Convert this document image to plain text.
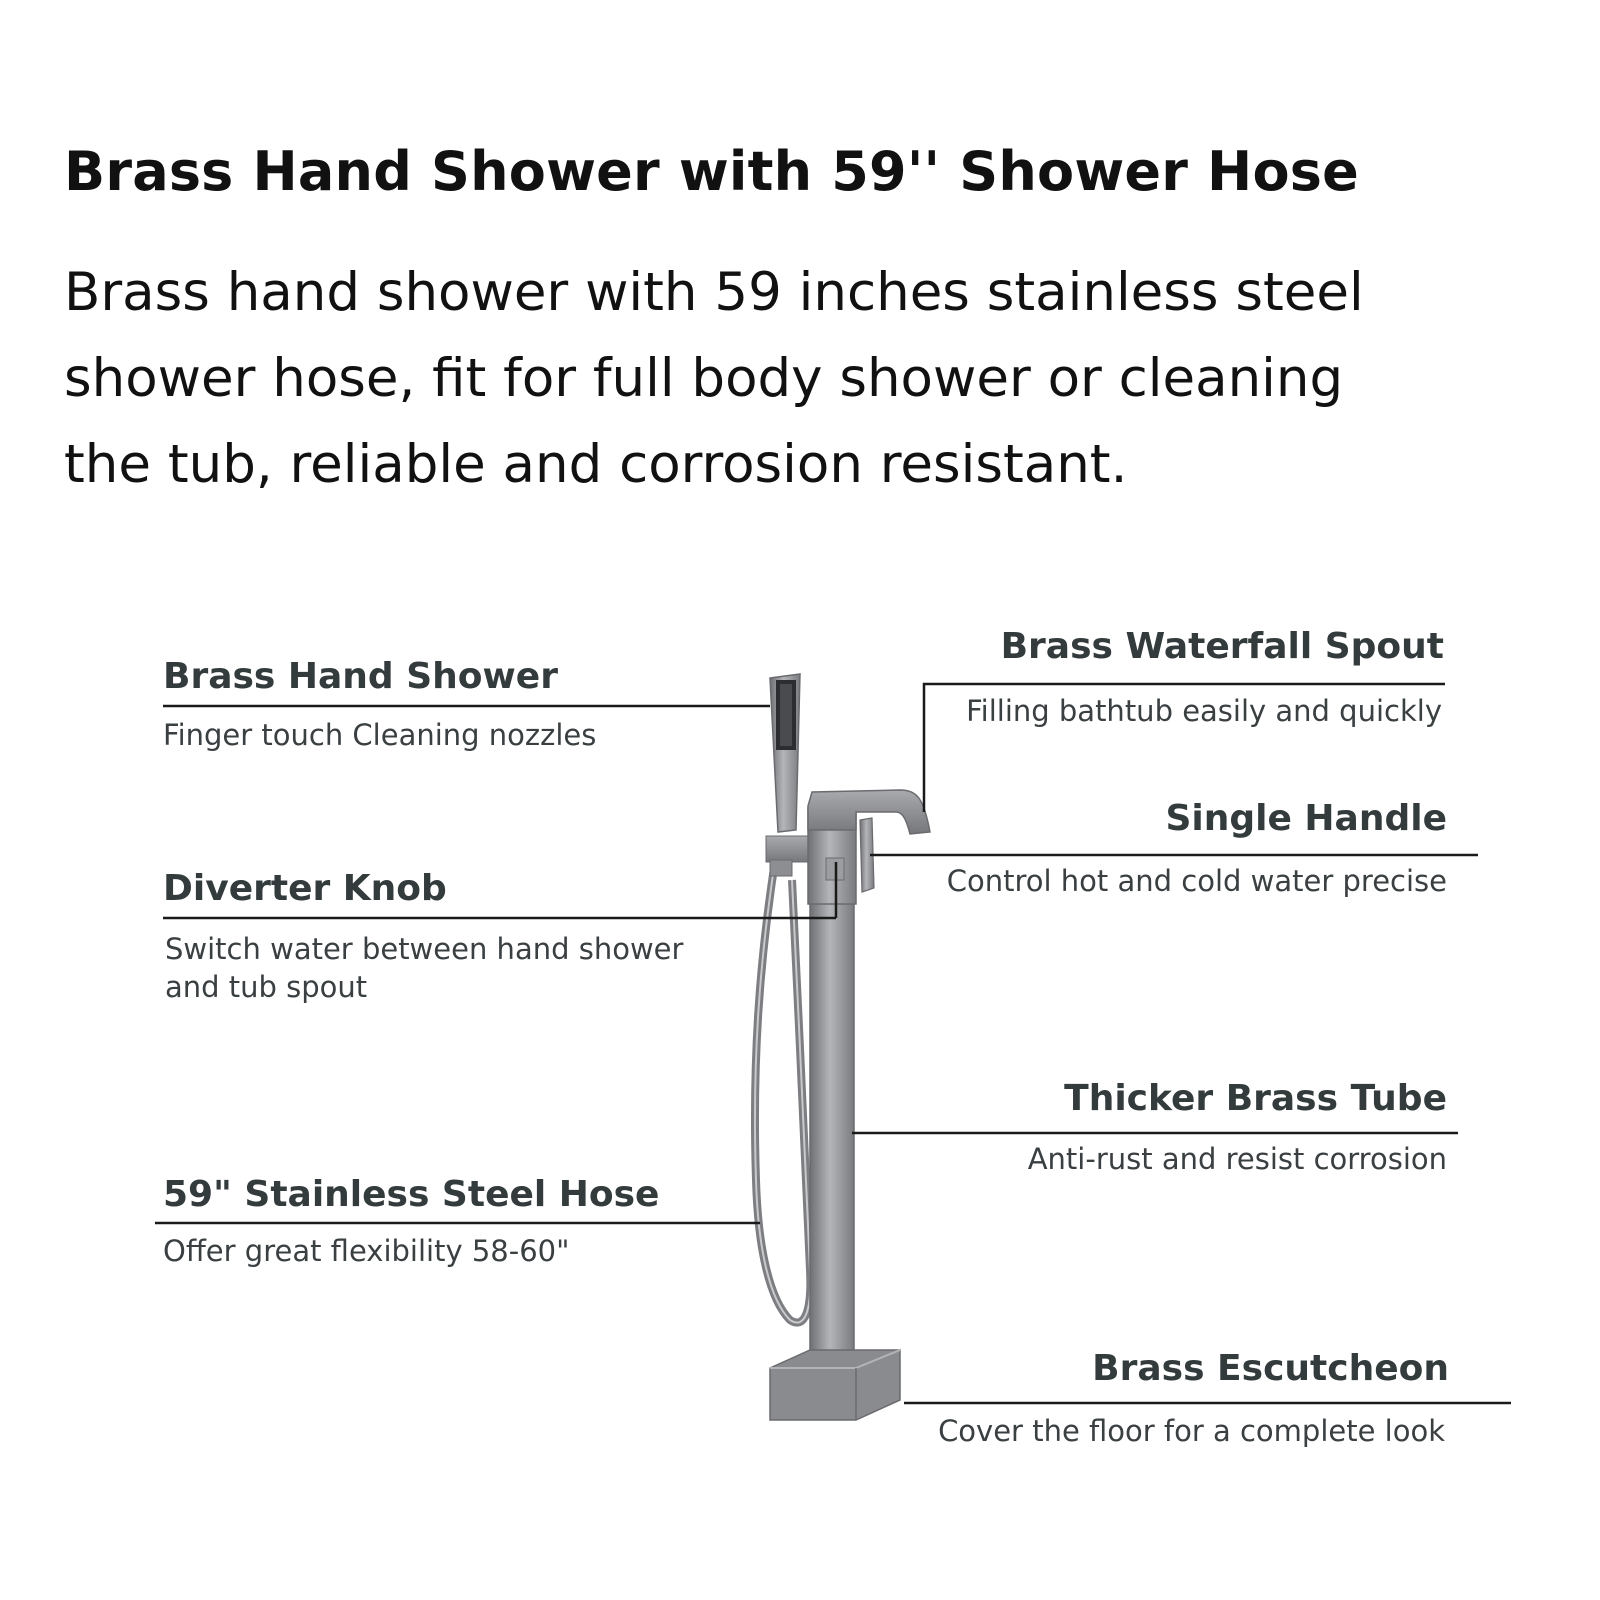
Brass Hand Shower with 59'' Shower Hose
Brass hand shower with 59 inches stainless steel
shower hose, fit for full body shower or cleaning
the tub, reliable and corrosion resistant.
Brass Hand Shower
Finger touch Cleaning nozzles
Diverter Knob
Switch water between hand shower
and tub spout
59" Stainless Steel Hose
Offer great flexibility 58-60"
Brass Waterfall Spout
Filling bathtub easily and quickly
Single Handle
Control hot and cold water precise
Thicker Brass Tube
Anti-rust and resist corrosion
Brass Escutcheon
Cover the floor for a complete look
